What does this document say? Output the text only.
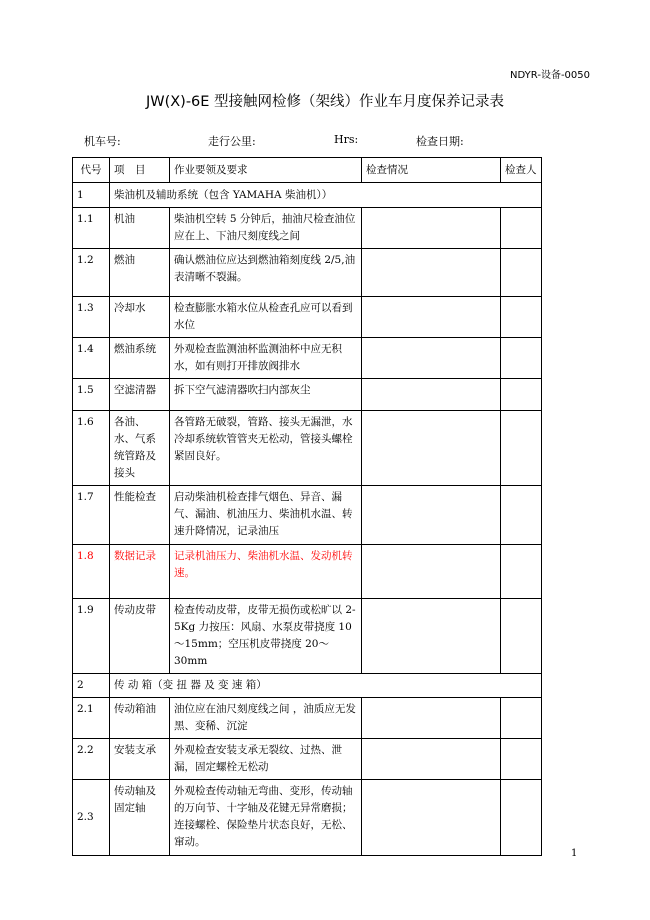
NDYR-设备-0050
JW(X)-6E 型接触网检修（架线）作业车月度保养记录表
机车号:	走行公里:	Hrs:	检查日期:
代号	项　目	作业要领及要求	检查情况	检查人
1	柴油机及辅助系统（包含 YAMAHA 柴油机））			
1.1	机油	柴油机空转 5 分钟后，抽油尺检查油位应在上、下油尺刻度线之间		
1.2	燃油	确认燃油位应达到燃油箱刻度线 2/5,油表清晰不裂漏。		
1.3	冷却水	检查膨胀水箱水位从检查孔应可以看到水位		
1.4	燃油系统	外观检查监测油杯监测油杯中应无积水，如有则打开排放阀排水		
1.5	空滤清器	拆下空气滤清器吹扫内部灰尘		
1.6	各油、水、气系统管路及接头	各管路无破裂，管路、接头无漏泄，水冷却系统软管管夹无松动，管接头螺栓紧固良好。		
1.7	性能检查	启动柴油机检查排气烟色、异音、漏气、漏油、机油压力、柴油机水温、转速升降情况，记录油压		
1.8	数据记录	记录机油压力、柴油机水温、发动机转速。		
1.9	传动皮带	检查传动皮带，皮带无损伤或松旷以 2-5Kg 力按压：风扇、水泵皮带挠度 10～15mm；空压机皮带挠度 20～30mm		
2	传 动 箱（变 扭 器 及 变 速 箱）			
2.1	传动箱油	油位应在油尺刻度线之间 ，油质应无发黑、变稀、沉淀		
2.2	安装支承	外观检查安装支承无裂纹、过热、泄漏，固定螺栓无松动		
2.3	传动轴及固定轴	外观检查传动轴无弯曲、变形，传动轴的万向节、十字轴及花键无异常磨损；连接螺栓、保险垫片状态良好，无松、窜动。		
1
